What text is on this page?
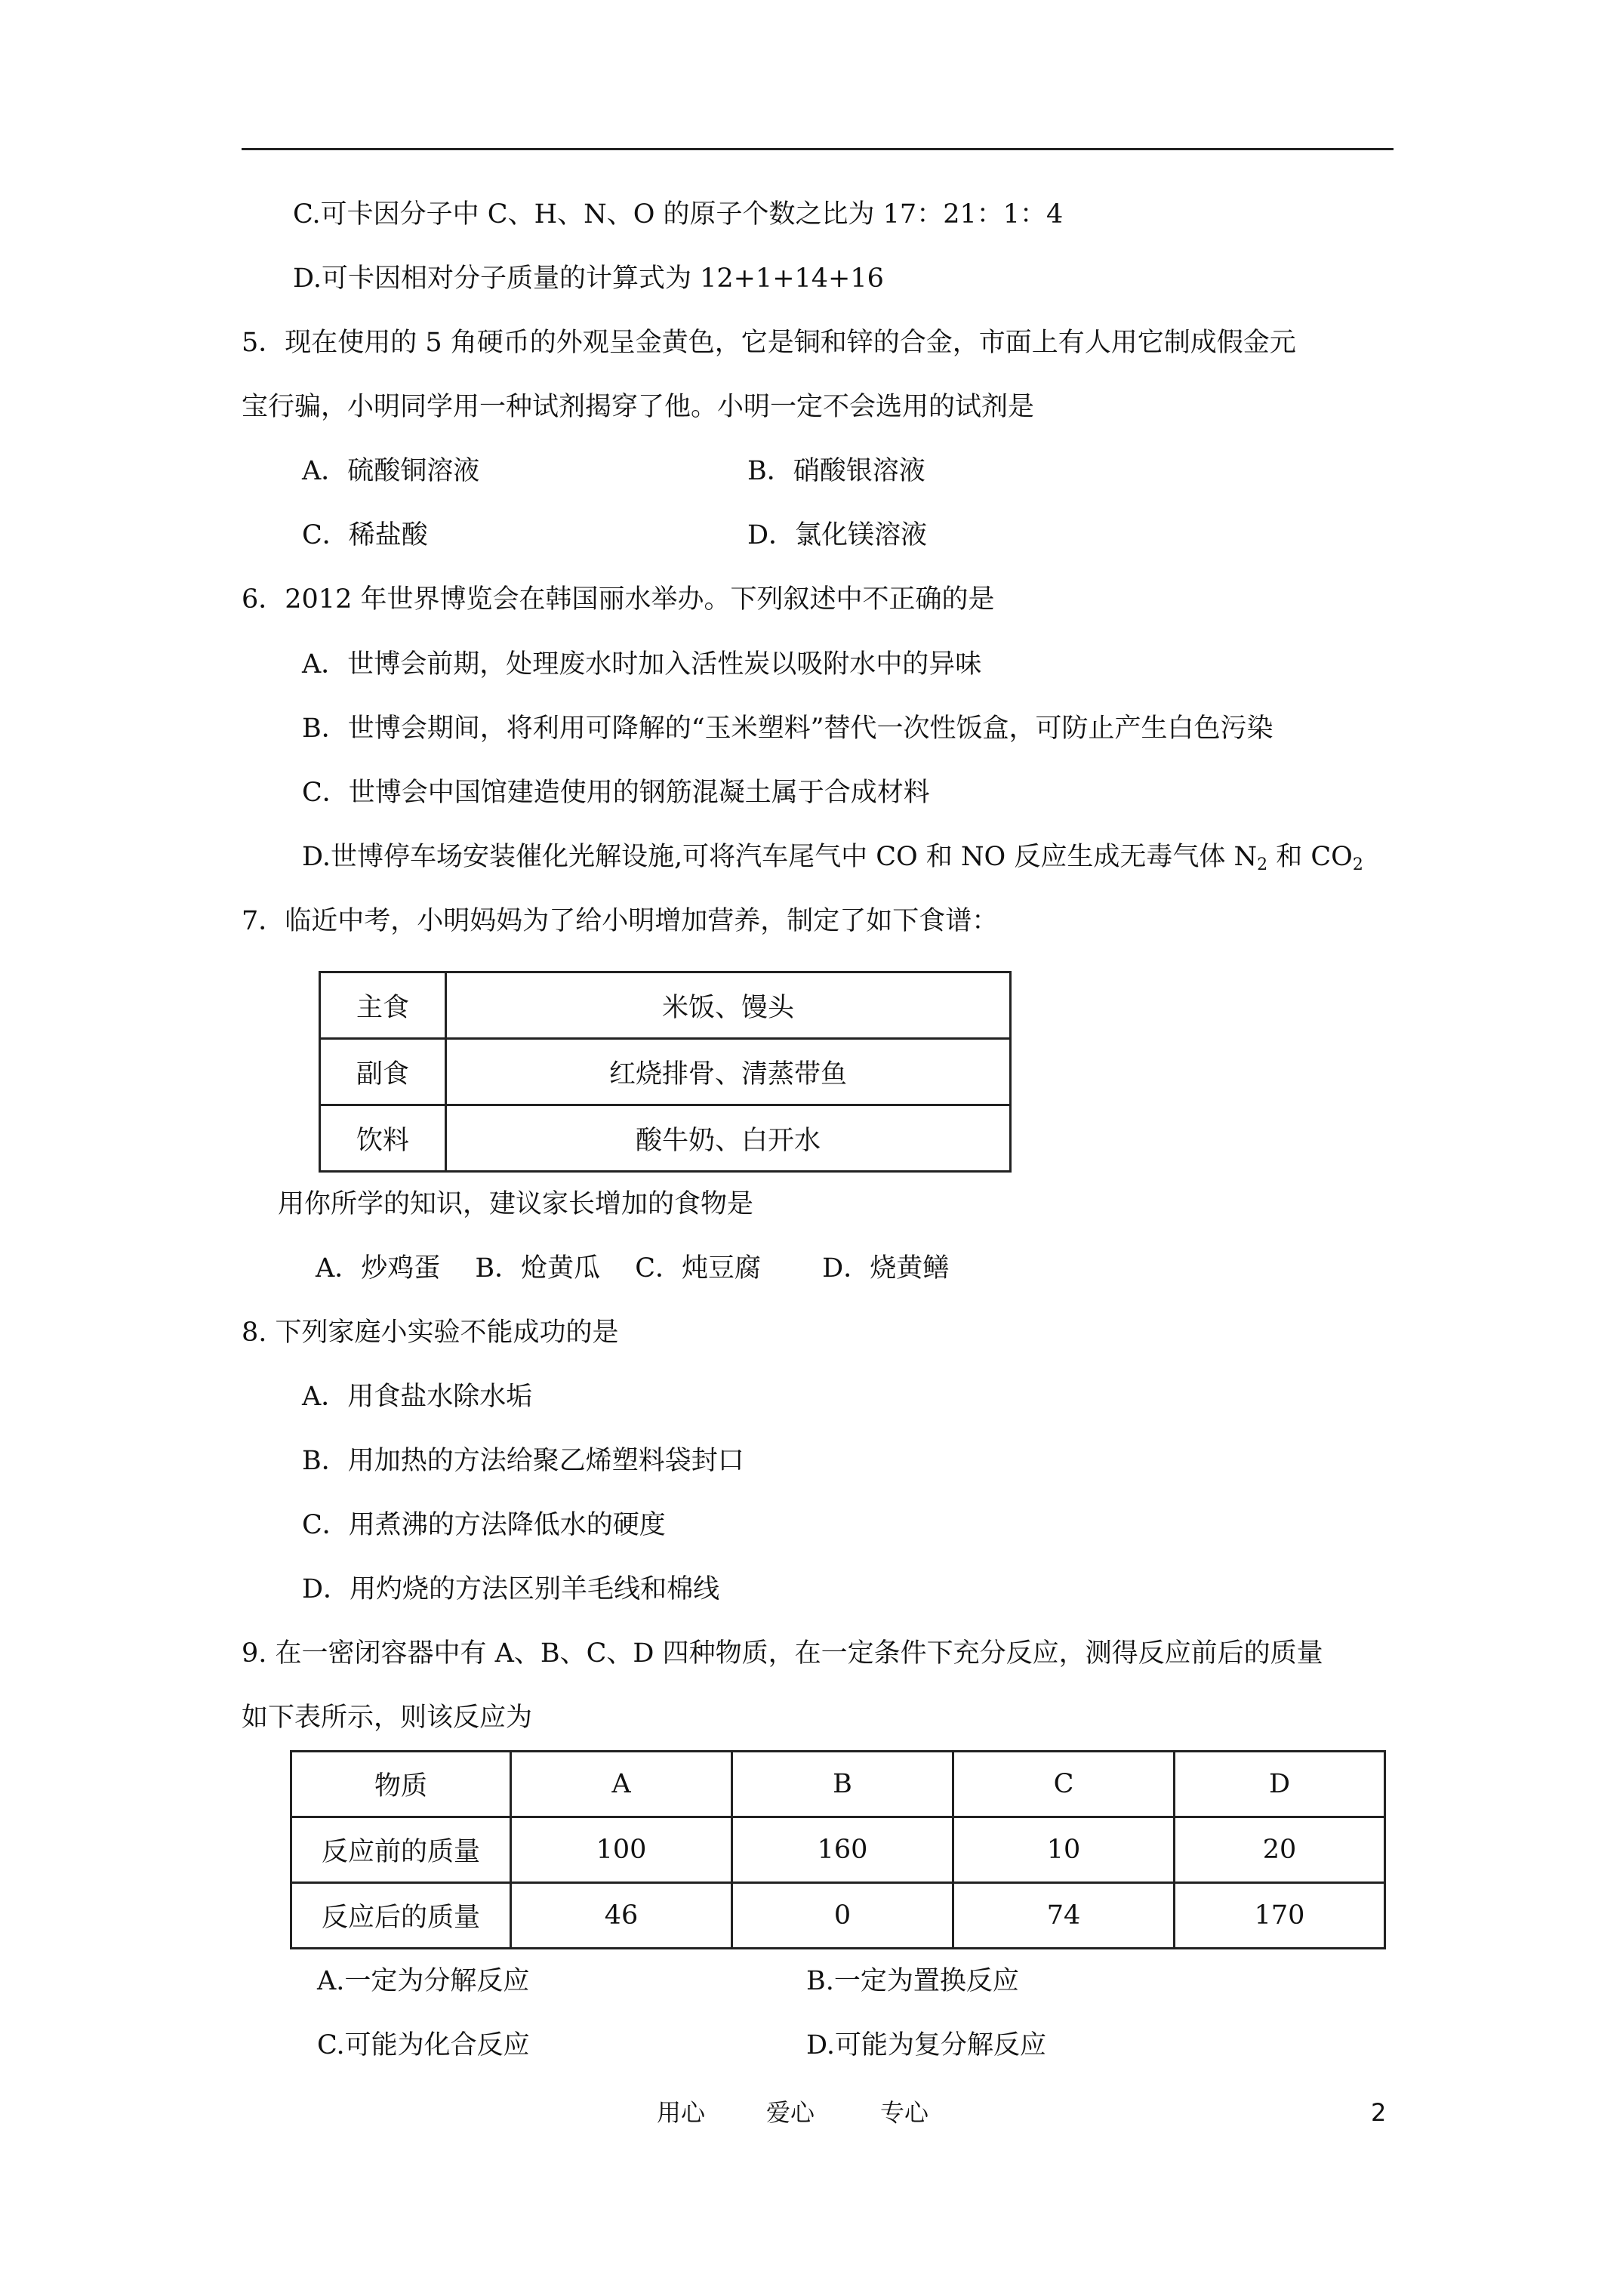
C.可卡因分子中 C、H、N、O 的原子个数之比为 17：21：1：4
D.可卡因相对分子质量的计算式为 12+1+14+16
5．现在使用的 5 角硬币的外观呈金黄色，它是铜和锌的合金，市面上有人用它制成假金元
宝行骗，小明同学用一种试剂揭穿了他。小明一定不会选用的试剂是
A．硫酸铜溶液	B．硝酸银溶液
C．稀盐酸	D．氯化镁溶液
6．2012 年世界博览会在韩国丽水举办。下列叙述中不正确的是
A．世博会前期，处理废水时加入活性炭以吸附水中的异味
B．世博会期间，将利用可降解的“玉米塑料”替代一次性饭盒，可防止产生白色污染
C．世博会中国馆建造使用的钢筋混凝土属于合成材料
D.世博停车场安装催化光解设施,可将汽车尾气中 CO 和 NO 反应生成无毒气体 $N_2$ 和 $CO_2$
7．临近中考，小明妈妈为了给小明增加营养，制定了如下食谱：
主食	米饭、馒头
副食	红烧排骨、清蒸带鱼
饮料	酸牛奶、白开水
用你所学的知识，建议家长增加的食物是
A．炒鸡蛋　 B．炝黄瓜　 C．炖豆腐　　 D．烧黄鳝
8. 下列家庭小实验不能成功的是
A．用食盐水除水垢
B．用加热的方法给聚乙烯塑料袋封口
C．用煮沸的方法降低水的硬度
D．用灼烧的方法区别羊毛线和棉线
9. 在一密闭容器中有 A、B、C、D 四种物质，在一定条件下充分反应，测得反应前后的质量
如下表所示，则该反应为
物质	A	B	C	D
反应前的质量	100	160	10	20
反应后的质量	46	0	74	170
A.一定为分解反应	B.一定为置换反应
C.可能为化合反应	D.可能为复分解反应
用心	爱心	专心	2
